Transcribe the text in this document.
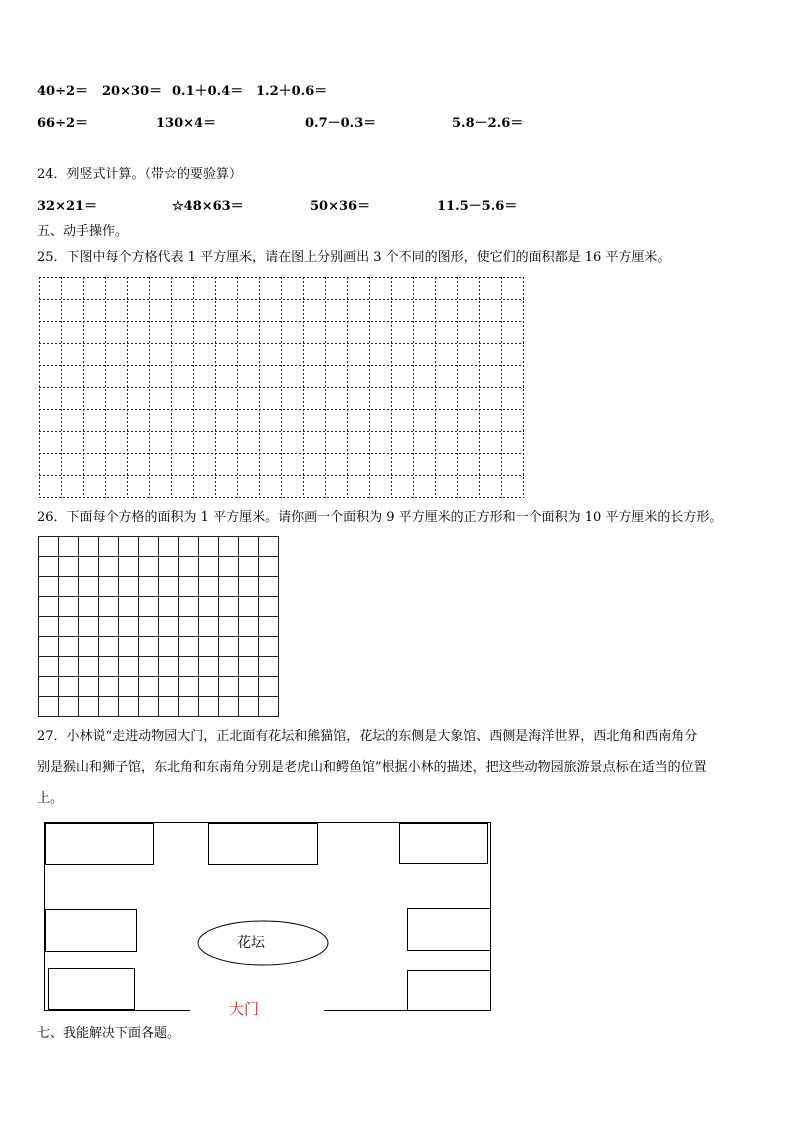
40÷2＝ 20×30＝ 0.1＋0.4＝ 1.2＋0.6＝
66÷2＝	130×4＝	0.7－0.3＝	5.8－2.6＝
24．列竖式计算。（带☆的要验算）
32×21＝	☆48×63＝	50×36＝	11.5－5.6＝
五、动手操作。
25．下图中每个方格代表 1 平方厘米，请在图上分别画出 3 个不同的图形，使它们的面积都是 16 平方厘米。
26．下面每个方格的面积为 1 平方厘米。请你画一个面积为 9 平方厘米的正方形和一个面积为 10 平方厘米的长方形。
27．小林说“走进动物园大门，正北面有花坛和熊猫馆，花坛的东侧是大象馆、西侧是海洋世界，西北角和西南角分
别是猴山和狮子馆，东北角和东南角分别是老虎山和鳄鱼馆”根据小林的描述，把这些动物园旅游景点标在适当的位置
上。
花坛
大门
七、我能解决下面各题。
